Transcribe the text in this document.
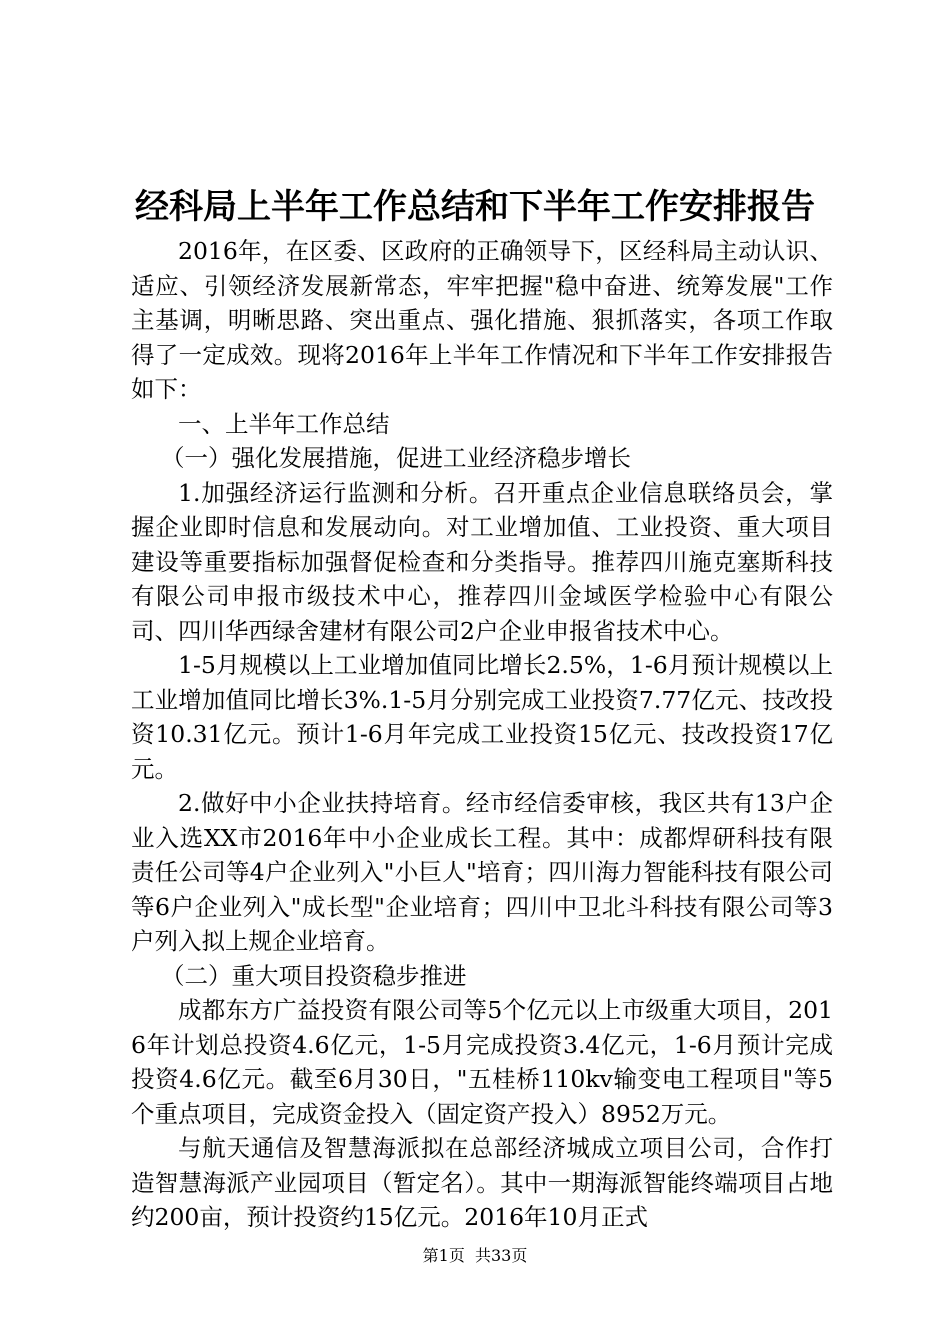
经科局上半年工作总结和下半年工作安排报告

2016年，在区委、区政府的正确领导下，区经科局主动认识、适应、引领经济发展新常态，牢牢把握"稳中奋进、统筹发展"工作主基调，明晰思路、突出重点、强化措施、狠抓落实，各项工作取得了一定成效。现将2016年上半年工作情况和下半年工作安排报告如下：

一、上半年工作总结

（一）强化发展措施，促进工业经济稳步增长

1.加强经济运行监测和分析。召开重点企业信息联络员会，掌握企业即时信息和发展动向。对工业增加值、工业投资、重大项目建设等重要指标加强督促检查和分类指导。推荐四川施克塞斯科技有限公司申报市级技术中心，推荐四川金域医学检验中心有限公司、四川华西绿舍建材有限公司2户企业申报省技术中心。

1-5月规模以上工业增加值同比增长2.5%，1-6月预计规模以上工业增加值同比增长3%.1-5月分别完成工业投资7.77亿元、技改投资10.31亿元。预计1-6月年完成工业投资15亿元、技改投资17亿元。

2.做好中小企业扶持培育。经市经信委审核，我区共有13户企业入选XX市2016年中小企业成长工程。其中：成都焊研科技有限责任公司等4户企业列入"小巨人"培育；四川海力智能科技有限公司等6户企业列入"成长型"企业培育；四川中卫北斗科技有限公司等3户列入拟上规企业培育。

（二）重大项目投资稳步推进

成都东方广益投资有限公司等5个亿元以上市级重大项目，2016年计划总投资4.6亿元，1-5月完成投资3.4亿元，1-6月预计完成投资4.6亿元。截至6月30日，"五桂桥110kv输变电工程项目"等5个重点项目，完成资金投入（固定资产投入）8952万元。

与航天通信及智慧海派拟在总部经济城成立项目公司，合作打造智慧海派产业园项目（暂定名）。其中一期海派智能终端项目占地约200亩，预计投资约15亿元。2016年10月正式

第1页  共33页
